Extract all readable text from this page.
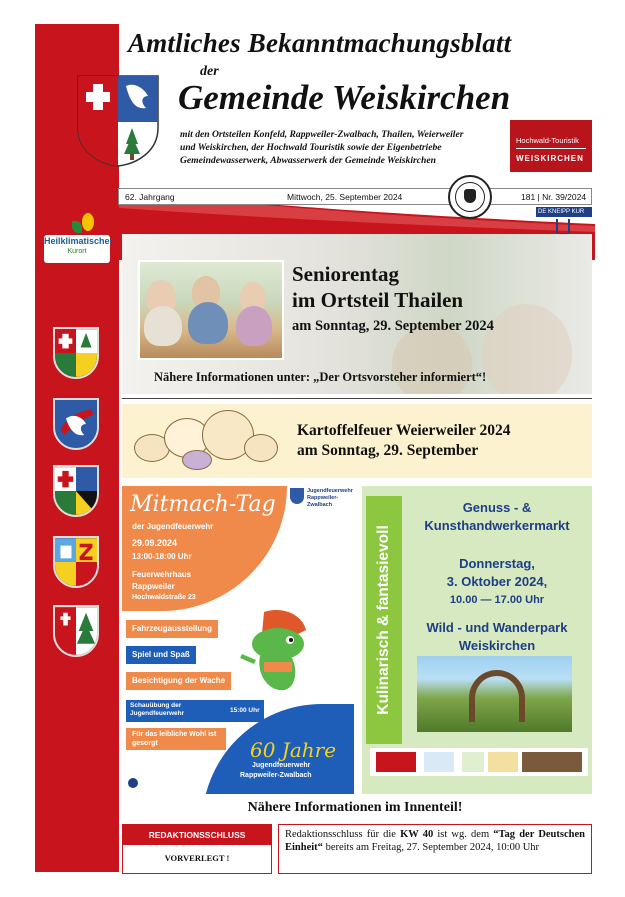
Amtliches Bekanntmachungsblatt
der
Gemeinde Weiskirchen
mit den Ortsteilen Konfeld, Rappweiler-Zwalbach, Thailen, Weierweiler
und Weiskirchen, der Hochwald Touristik sowie der Eigenbetriebe
Gemeindewasserwerk, Abwasserwerk der Gemeinde Weiskirchen
Hochwald-Touristik
WEISKIRCHEN
62. Jahrgang	Mittwoch, 25. September 2024	181 | Nr. 39/2024
DE KNEIPP KUR
Heilklimatischer
Kurort
Seniorentag
im Ortsteil Thailen
am Sonntag, 29. September 2024
Nähere Informationen unter: „Der Ortsvorsteher informiert“!
Kartoffelfeuer Weierweiler 2024
am Sonntag, 29. September
Mitmach-Tag
der Jugendfeuerwehr
29.09.2024
13:00-18:00 Uhr
Feuerwehrhaus
Rappweiler
Hochwaldstraße 23
Jugendfeuerwehr
Rappweiler-Zwalbach
Fahrzeugausstellung
Spiel und Spaß
Besichtigung der Wache
Schauübung der Jugendfeuerwehr	15:00 Uhr
Für das leibliche Wohl ist gesorgt	60 Jahre
Jugendfeuerwehr
Rappweiler-Zwalbach
Kulinarisch & fantasievoll
Genuss - &
Kunsthandwerkermarkt
Donnerstag,
3. Oktober 2024,
10.00 — 17.00 Uhr
Wild - und Wanderpark
Weiskirchen
Nähere Informationen im Innenteil!
REDAKTIONSSCHLUSS
VORVERLEGT !
Redaktionsschluss für die KW 40 ist wg. dem “Tag der Deutschen Einheit“ bereits am Freitag, 27. September 2024, 10:00 Uhr
